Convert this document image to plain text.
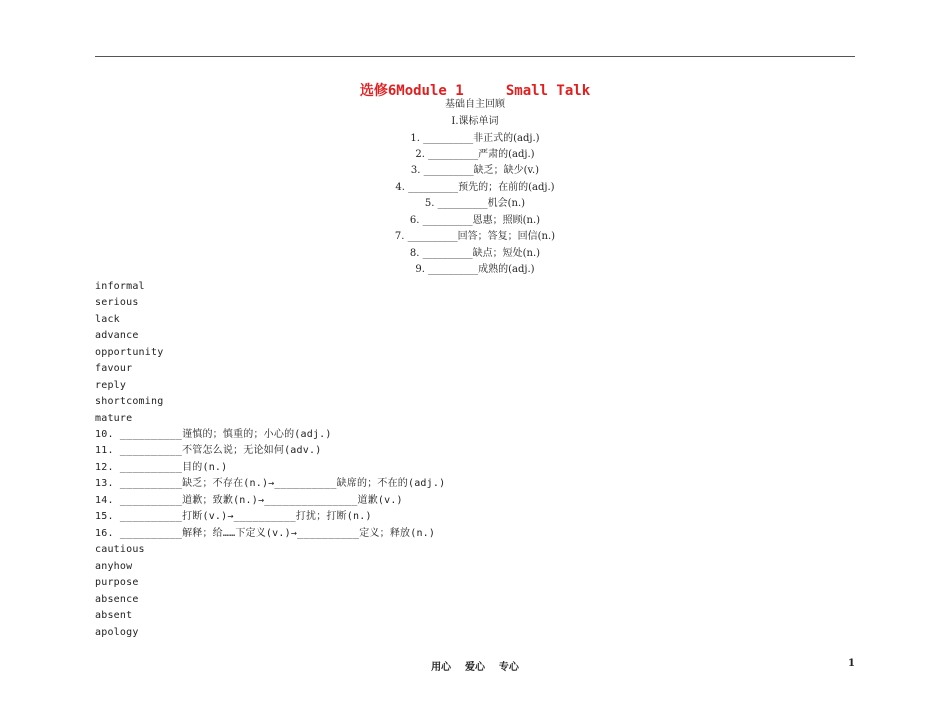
选修6Module 1     Small Talk
基础自主回顾
Ⅰ.课标单词
1. __________非正式的(adj.)
2. __________严肃的(adj.)
3. __________缺乏；缺少(v.)
4. __________预先的；在前的(adj.)
5. __________机会(n.)
6. __________恩惠；照顾(n.)
7. __________回答；答复；回信(n.)
8. __________缺点；短处(n.)
9. __________成熟的(adj.)
informal
serious
lack
advance
opportunity
favour
reply
shortcoming
mature
10. __________谨慎的；慎重的；小心的(adj.)
11. __________不管怎么说；无论如何(adv.)
12. __________目的(n.)
13. __________缺乏；不存在(n.)→__________缺席的；不在的(adj.)
14. __________道歉；致歉(n.)→_______________道歉(v.)
15. __________打断(v.)→__________打扰；打断(n.)
16. __________解释；给……下定义(v.)→__________定义；释放(n.)
cautious
anyhow
purpose
absence
absent
apology
用心    爱心    专心	1
